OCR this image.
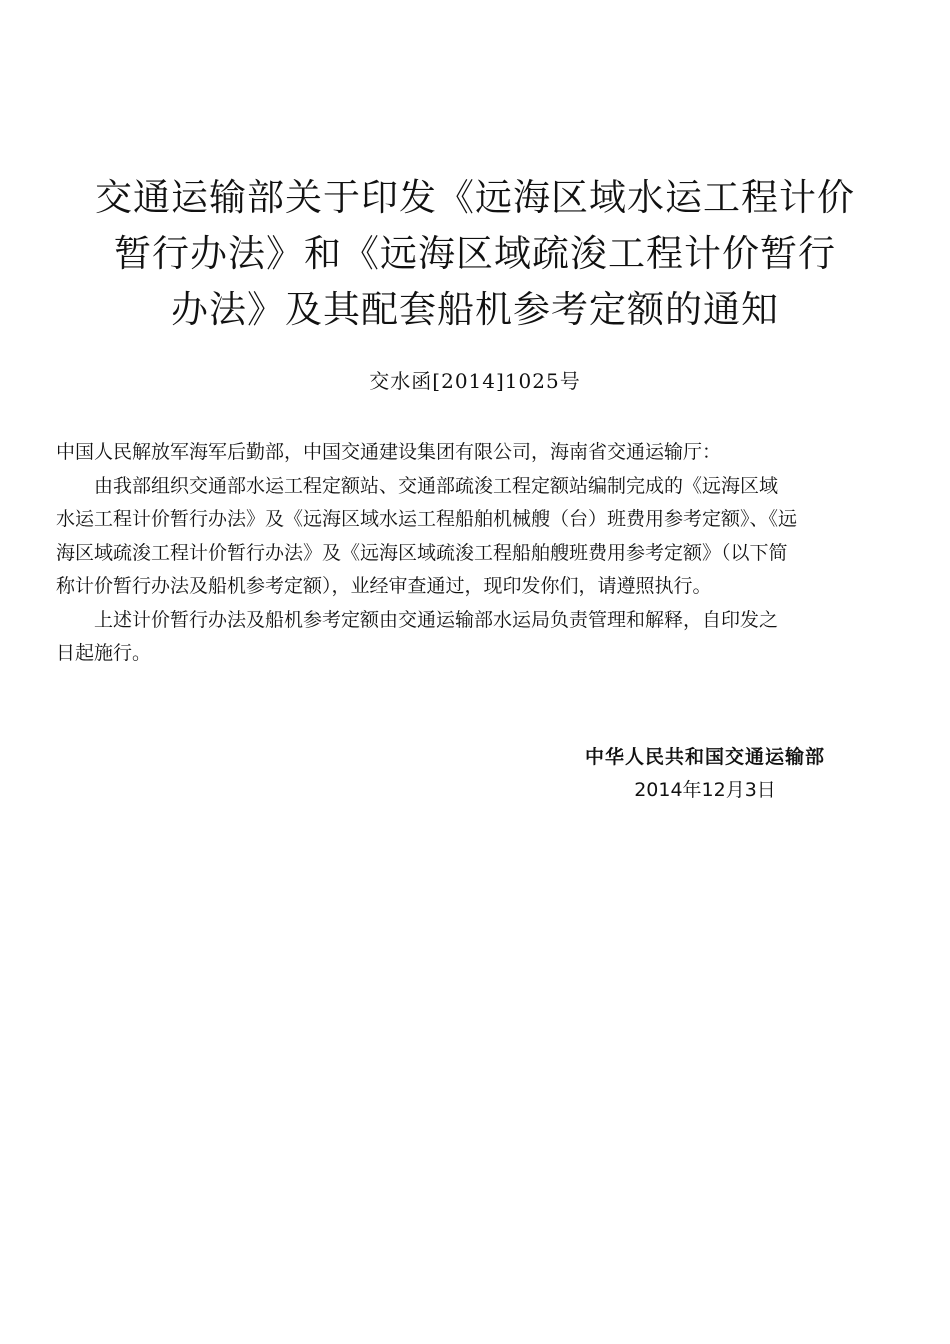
交通运输部关于印发《远海区域水运工程计价
暂行办法》和《远海区域疏浚工程计价暂行
办法》及其配套船机参考定额的通知
交水函[2014]1025号

中国人民解放军海军后勤部，中国交通建设集团有限公司，海南省交通运输厅：

由我部组织交通部水运工程定额站、交通部疏浚工程定额站编制完成的《远海区域

水运工程计价暂行办法》及《远海区域水运工程船舶机械艘（台）班费用参考定额》、《远

海区域疏浚工程计价暂行办法》及《远海区域疏浚工程船舶艘班费用参考定额》（以下简

称计价暂行办法及船机参考定额），业经审查通过，现印发你们，请遵照执行。

上述计价暂行办法及船机参考定额由交通运输部水运局负责管理和解释，自印发之

日起施行。

中华人民共和国交通运输部
2014年12月3日
